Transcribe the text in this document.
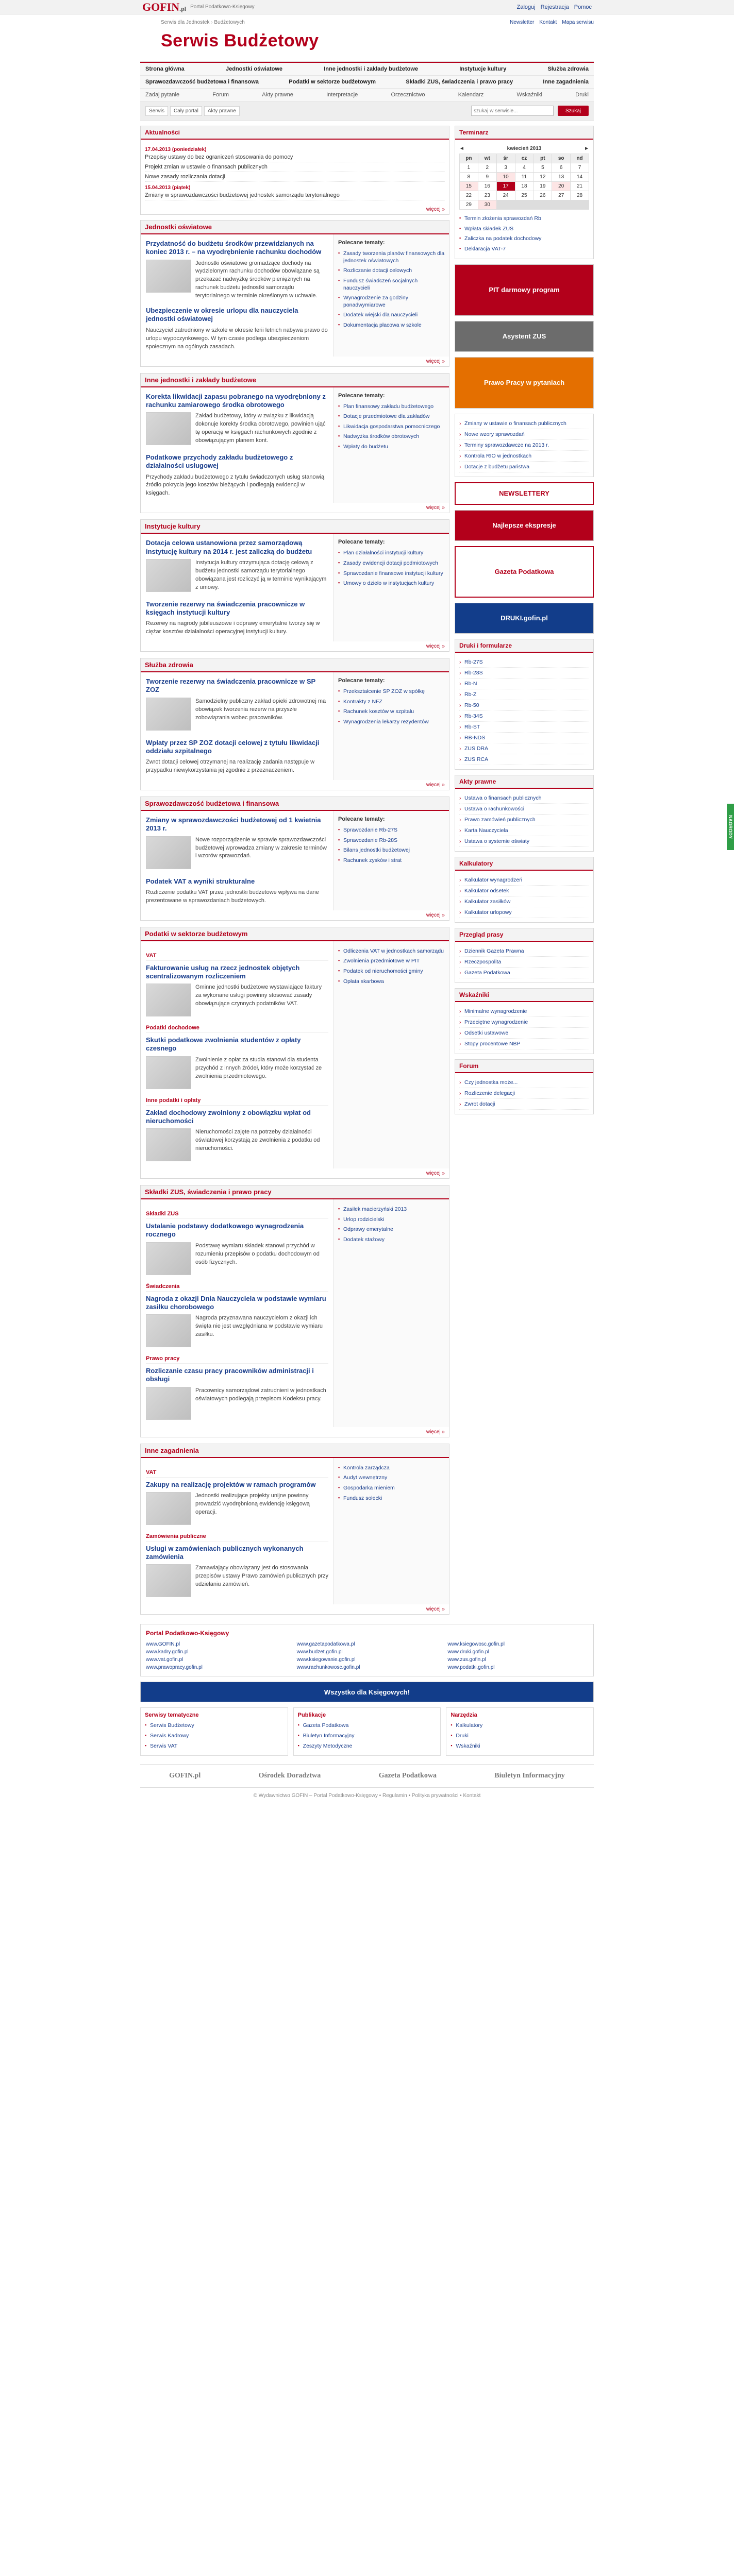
GOFIN.pl Portal Podatkowo-Księgowy	Zaloguj Rejestracja Pomoc
Serwis dla Jednostek› Budżetowych
Serwis Budżetowy
Newsletter Kontakt Mapa serwisu
Strona główna	Jednostki oświatowe	Inne jednostki i zakłady budżetowe	Instytucje kultury	Służba zdrowia
Sprawozdawczość budżetowa i finansowa	Podatki w sektorze budżetowym	Składki ZUS, świadczenia i prawo pracy	Inne zagadnienia
Zadaj pytanie	Forum	Akty prawne	Interpretacje	Orzecznictwo	Kalendarz	Wskaźniki	Druki
Serwis	Cały portal	Akty prawne
szukaj w serwisie...	Szukaj
Aktualności
17.04.2013 (poniedziałek)
Przepisy ustawy do bez ograniczeń stosowania do pomocy
Projekt zmian w ustawie o finansach publicznych
Nowe zasady rozliczania dotacji
15.04.2013 (piątek)
Zmiany w sprawozdawczości budżetowej jednostek samorządu terytorialnego
więcej »
Jednostki oświatowe
Przydatność do budżetu środków przewidzianych na koniec 2013 r. – na wyodrębnienie rachunku dochodów
Jednostki oświatowe gromadzące dochody na wydzielonym rachunku dochodów obowiązane są przekazać nadwyżkę środków pieniężnych na rachunek budżetu jednostki samorządu terytorialnego w terminie określonym w uchwale.
Ubezpieczenie w okresie urlopu dla nauczyciela jednostki oświatowej
Nauczyciel zatrudniony w szkole w okresie ferii letnich nabywa prawo do urlopu wypoczynkowego. W tym czasie podlega ubezpieczeniom społecznym na ogólnych zasadach.
Polecane tematy:
▪ Zasady tworzenia planów finansowych dla jednostek oświatowych
▪ Rozliczanie dotacji celowych
▪ Fundusz świadczeń socjalnych nauczycieli
▪ Wynagrodzenie za godziny ponadwymiarowe
▪ Dodatek wiejski dla nauczycieli
▪ Dokumentacja płacowa w szkole
więcej »
Inne jednostki i zakłady budżetowe
Korekta likwidacji zapasu pobranego na wyodrębniony z rachunku zamiarowego środka obrotowego
Zakład budżetowy, który w związku z likwidacją dokonuje korekty środka obrotowego, powinien ująć tę operację w księgach rachunkowych zgodnie z obowiązującym planem kont.
Podatkowe przychody zakładu budżetowego z działalności usługowej
Przychody zakładu budżetowego z tytułu świadczonych usług stanowią źródło pokrycia jego kosztów bieżących i podlegają ewidencji w księgach.
Polecane tematy:
▪ Plan finansowy zakładu budżetowego
▪ Dotacje przedmiotowe dla zakładów
▪ Likwidacja gospodarstwa pomocniczego
▪ Nadwyżka środków obrotowych
▪ Wpłaty do budżetu
więcej »
Instytucje kultury
Dotacja celowa ustanowiona przez samorządową instytucję kultury na 2014 r. jest zaliczką do budżetu
Instytucja kultury otrzymująca dotację celową z budżetu jednostki samorządu terytorialnego obowiązana jest rozliczyć ją w terminie wynikającym z umowy.
Tworzenie rezerwy na świadczenia pracownicze w księgach instytucji kultury
Rezerwy na nagrody jubileuszowe i odprawy emerytalne tworzy się w ciężar kosztów działalności operacyjnej instytucji kultury.
Polecane tematy:
▪ Plan działalności instytucji kultury
▪ Zasady ewidencji dotacji podmiotowych
▪ Sprawozdanie finansowe instytucji kultury
▪ Umowy o dzieło w instytucjach kultury
więcej »
Służba zdrowia
Tworzenie rezerwy na świadczenia pracownicze w SP ZOZ
Samodzielny publiczny zakład opieki zdrowotnej ma obowiązek tworzenia rezerw na przyszłe zobowiązania wobec pracowników.
Wpłaty przez SP ZOZ dotacji celowej z tytułu likwidacji oddziału szpitalnego
Zwrot dotacji celowej otrzymanej na realizację zadania następuje w przypadku niewykorzystania jej zgodnie z przeznaczeniem.
Polecane tematy:
▪ Przekształcenie SP ZOZ w spółkę
▪ Kontrakty z NFZ
▪ Rachunek kosztów w szpitalu
▪ Wynagrodzenia lekarzy rezydentów
więcej »
Sprawozdawczość budżetowa i finansowa
Zmiany w sprawozdawczości budżetowej od 1 kwietnia 2013 r.
Nowe rozporządzenie w sprawie sprawozdawczości budżetowej wprowadza zmiany w zakresie terminów i wzorów sprawozdań.
Podatek VAT a wyniki strukturalne
Rozliczenie podatku VAT przez jednostki budżetowe wpływa na dane prezentowane w sprawozdaniach budżetowych.
Polecane tematy:
▪ Sprawozdanie Rb-27S
▪ Sprawozdanie Rb-28S
▪ Bilans jednostki budżetowej
▪ Rachunek zysków i strat
więcej »
Podatki w sektorze budżetowym
VAT
Fakturowanie usług na rzecz jednostek objętych scentralizowanym rozliczeniem
Gminne jednostki budżetowe wystawiające faktury za wykonane usługi powinny stosować zasady obowiązujące czynnych podatników VAT.
Podatki dochodowe
Skutki podatkowe zwolnienia studentów z opłaty czesnego
Zwolnienie z opłat za studia stanowi dla studenta przychód z innych źródeł, który może korzystać ze zwolnienia przedmiotowego.
Inne podatki i opłaty
Zakład dochodowy zwolniony z obowiązku wpłat od nieruchomości
Nieruchomości zajęte na potrzeby działalności oświatowej korzystają ze zwolnienia z podatku od nieruchomości.
▪ Odliczenia VAT w jednostkach samorządu
▪ Zwolnienia przedmiotowe w PIT
▪ Podatek od nieruchomości gminy
▪ Opłata skarbowa
więcej »
Składki ZUS, świadczenia i prawo pracy
Składki ZUS
Ustalanie podstawy dodatkowego wynagrodzenia rocznego
Podstawę wymiaru składek stanowi przychód w rozumieniu przepisów o podatku dochodowym od osób fizycznych.
Świadczenia
Nagroda z okazji Dnia Nauczyciela w podstawie wymiaru zasiłku chorobowego
Nagroda przyznawana nauczycielom z okazji ich święta nie jest uwzględniana w podstawie wymiaru zasiłku.
Prawo pracy
Rozliczanie czasu pracy pracowników administracji i obsługi
Pracownicy samorządowi zatrudnieni w jednostkach oświatowych podlegają przepisom Kodeksu pracy.
▪ Zasiłek macierzyński 2013
▪ Urlop rodzicielski
▪ Odprawy emerytalne
▪ Dodatek stażowy
więcej »
Inne zagadnienia
VAT
Zakupy na realizację projektów w ramach programów
Jednostki realizujące projekty unijne powinny prowadzić wyodrębnioną ewidencję księgową operacji.
Zamówienia publiczne
Usługi w zamówieniach publicznych wykonanych zamówienia
Zamawiający obowiązany jest do stosowania przepisów ustawy Prawo zamówień publicznych przy udzielaniu zamówień.
▪ Kontrola zarządcza
▪ Audyt wewnętrzny
▪ Gospodarka mieniem
▪ Fundusz sołecki
więcej »
Terminarz
◄	kwiecień 2013	►
pn	wt	śr	cz	pt	so	nd
1	2	3	4	5	6	7
8	9	10	11	12	13	14
15	16	17	18	19	20	21
22	23	24	25	26	27	28
29	30
▪ Termin złożenia sprawozdań Rb
▪ Wpłata składek ZUS
▪ Zaliczka na podatek dochodowy
▪ Deklaracja VAT-7
PIT darmowy program
Asystent ZUS
Prawo Pracy w pytaniach
› Zmiany w ustawie o finansach publicznych
› Nowe wzory sprawozdań
› Terminy sprawozdawcze na 2013 r.
› Kontrola RIO w jednostkach
› Dotacje z budżetu państwa
NEWSLETTERY
Najlepsze ekspresje
Gazeta Podatkowa
DRUKI.gofin.pl
Druki i formularze
› Rb-27S
› Rb-28S
› Rb-N
› Rb-Z
› Rb-50
› Rb-34S
› Rb-ST
› RB-NDS
› ZUS DRA
› ZUS RCA
Akty prawne
› Ustawa o finansach publicznych
› Ustawa o rachunkowości
› Prawo zamówień publicznych
› Karta Nauczyciela
› Ustawa o systemie oświaty
Kalkulatory
› Kalkulator wynagrodzeń
› Kalkulator odsetek
› Kalkulator zasiłków
› Kalkulator urlopowy
Przegląd prasy
› Dziennik Gazeta Prawna
› Rzeczpospolita
› Gazeta Podatkowa
Wskaźniki
› Minimalne wynagrodzenie
› Przeciętne wynagrodzenie
› Odsetki ustawowe
› Stopy procentowe NBP
Forum
› Czy jednostka może...
› Rozliczenie delegacji
› Zwrot dotacji
Portal Podatkowo-Księgowy
www.GOFIN.pl	www.gazetapodatkowa.pl	www.ksiegowosc.gofin.pl
www.kadry.gofin.pl	www.budzet.gofin.pl	www.druki.gofin.pl
www.vat.gofin.pl	www.ksiegowanie.gofin.pl	www.zus.gofin.pl
www.prawopracy.gofin.pl	www.rachunkowosc.gofin.pl	www.podatki.gofin.pl
Wszystko dla Księgowych!
Serwisy tematyczne
▪ Serwis Budżetowy
▪ Serwis Kadrowy
▪ Serwis VAT
Publikacje
▪ Gazeta Podatkowa
▪ Biuletyn Informacyjny
▪ Zeszyty Metodyczne
Narzędzia
▪ Kalkulatory
▪ Druki
▪ Wskaźniki
GOFIN.pl	Ośrodek Doradztwa	Gazeta Podatkowa	Biuletyn Informacyjny
© Wydawnictwo GOFIN – Portal Podatkowo-Księgowy • Regulamin • Polityka prywatności • Kontakt
NAGRODY
